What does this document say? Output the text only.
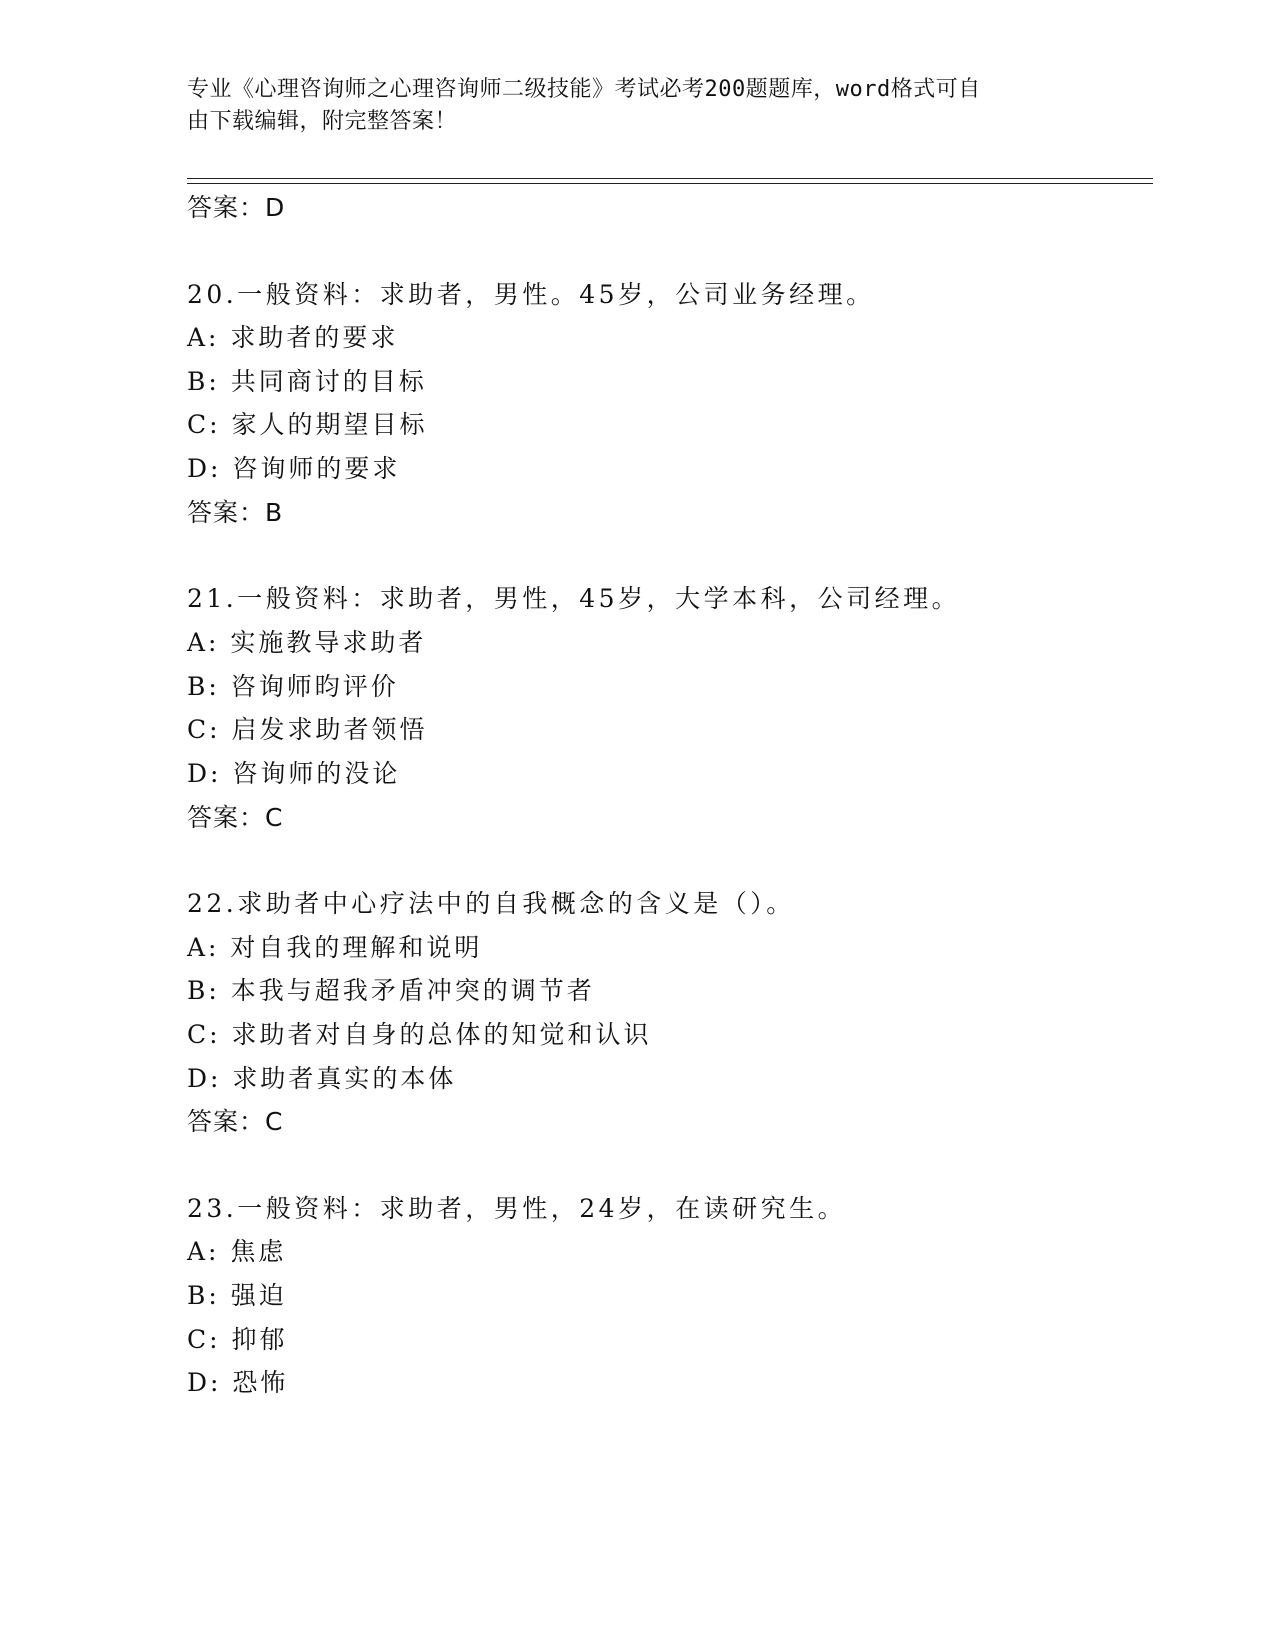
专业《心理咨询师之心理咨询师二级技能》考试必考200题题库，word格式可自
由下载编辑，附完整答案！
答案：D
20.一般资料：求助者，男性。45岁，公司业务经理。
A: 求助者的要求
B: 共同商讨的目标
C: 家人的期望目标
D: 咨询师的要求
答案：B
21.一般资料：求助者，男性，45岁，大学本科，公司经理。
A: 实施教导求助者
B: 咨询师昀评价
C: 启发求助者领悟
D: 咨询师的没论
答案：C
22.求助者中心疗法中的自我概念的含义是（）。
A: 对自我的理解和说明
B: 本我与超我矛盾冲突的调节者
C: 求助者对自身的总体的知觉和认识
D: 求助者真实的本体
答案：C
23.一般资料：求助者，男性，24岁，在读研究生。
A: 焦虑
B: 强迫
C: 抑郁
D: 恐怖
